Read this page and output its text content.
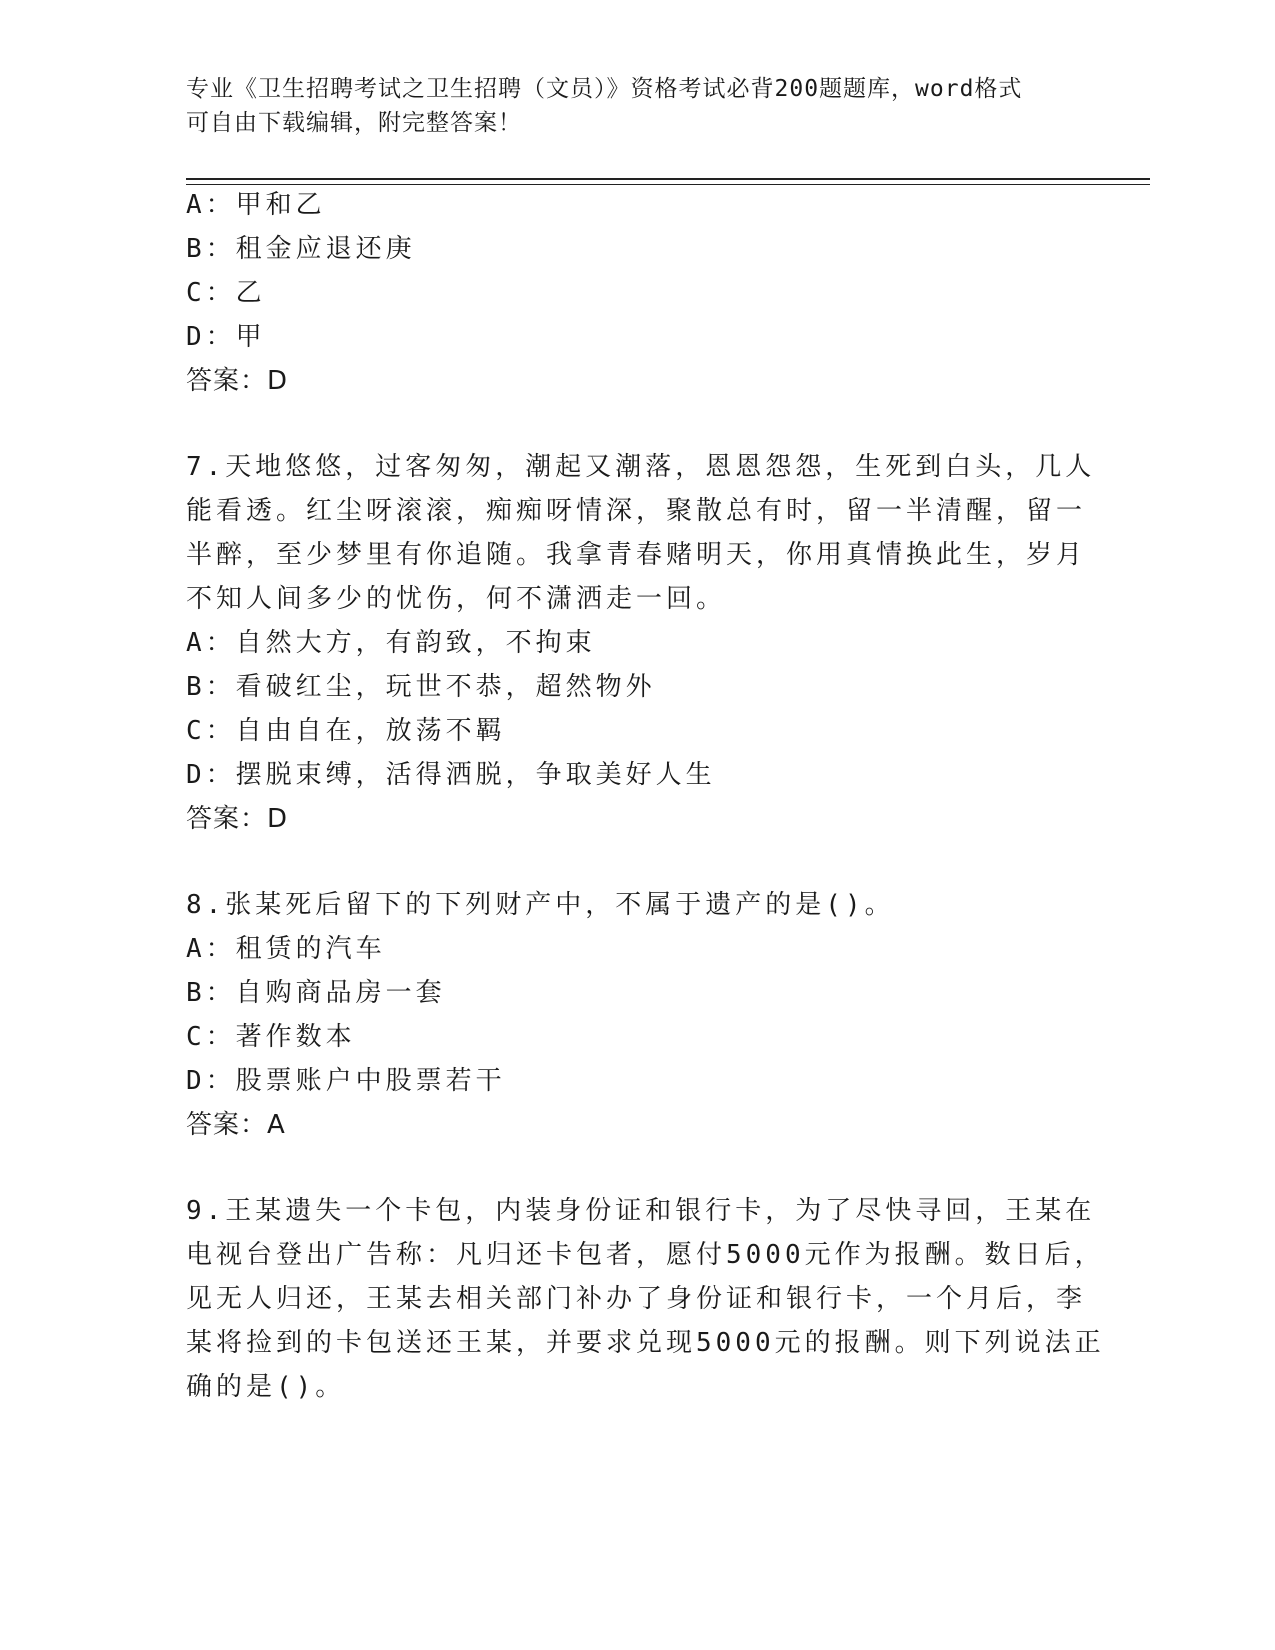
专业《卫生招聘考试之卫生招聘（文员）》资格考试必背200题题库，word格式
可自由下载编辑，附完整答案！
A：甲和乙
B：租金应退还庚
C：乙
D：甲
答案：D
7.天地悠悠，过客匆匆，潮起又潮落，恩恩怨怨，生死到白头，几人
能看透。红尘呀滚滚，痴痴呀情深，聚散总有时，留一半清醒，留一
半醉，至少梦里有你追随。我拿青春赌明天，你用真情换此生，岁月
不知人间多少的忧伤，何不潇洒走一回。
A：自然大方，有韵致，不拘束
B：看破红尘，玩世不恭，超然物外
C：自由自在，放荡不羁
D：摆脱束缚，活得洒脱，争取美好人生
答案：D
8.张某死后留下的下列财产中，不属于遗产的是()。
A：租赁的汽车
B：自购商品房一套
C：著作数本
D：股票账户中股票若干
答案：A
9.王某遗失一个卡包，内装身份证和银行卡，为了尽快寻回，王某在
电视台登出广告称：凡归还卡包者，愿付5000元作为报酬。数日后，
见无人归还，王某去相关部门补办了身份证和银行卡，一个月后，李
某将捡到的卡包送还王某，并要求兑现5000元的报酬。则下列说法正
确的是()。
